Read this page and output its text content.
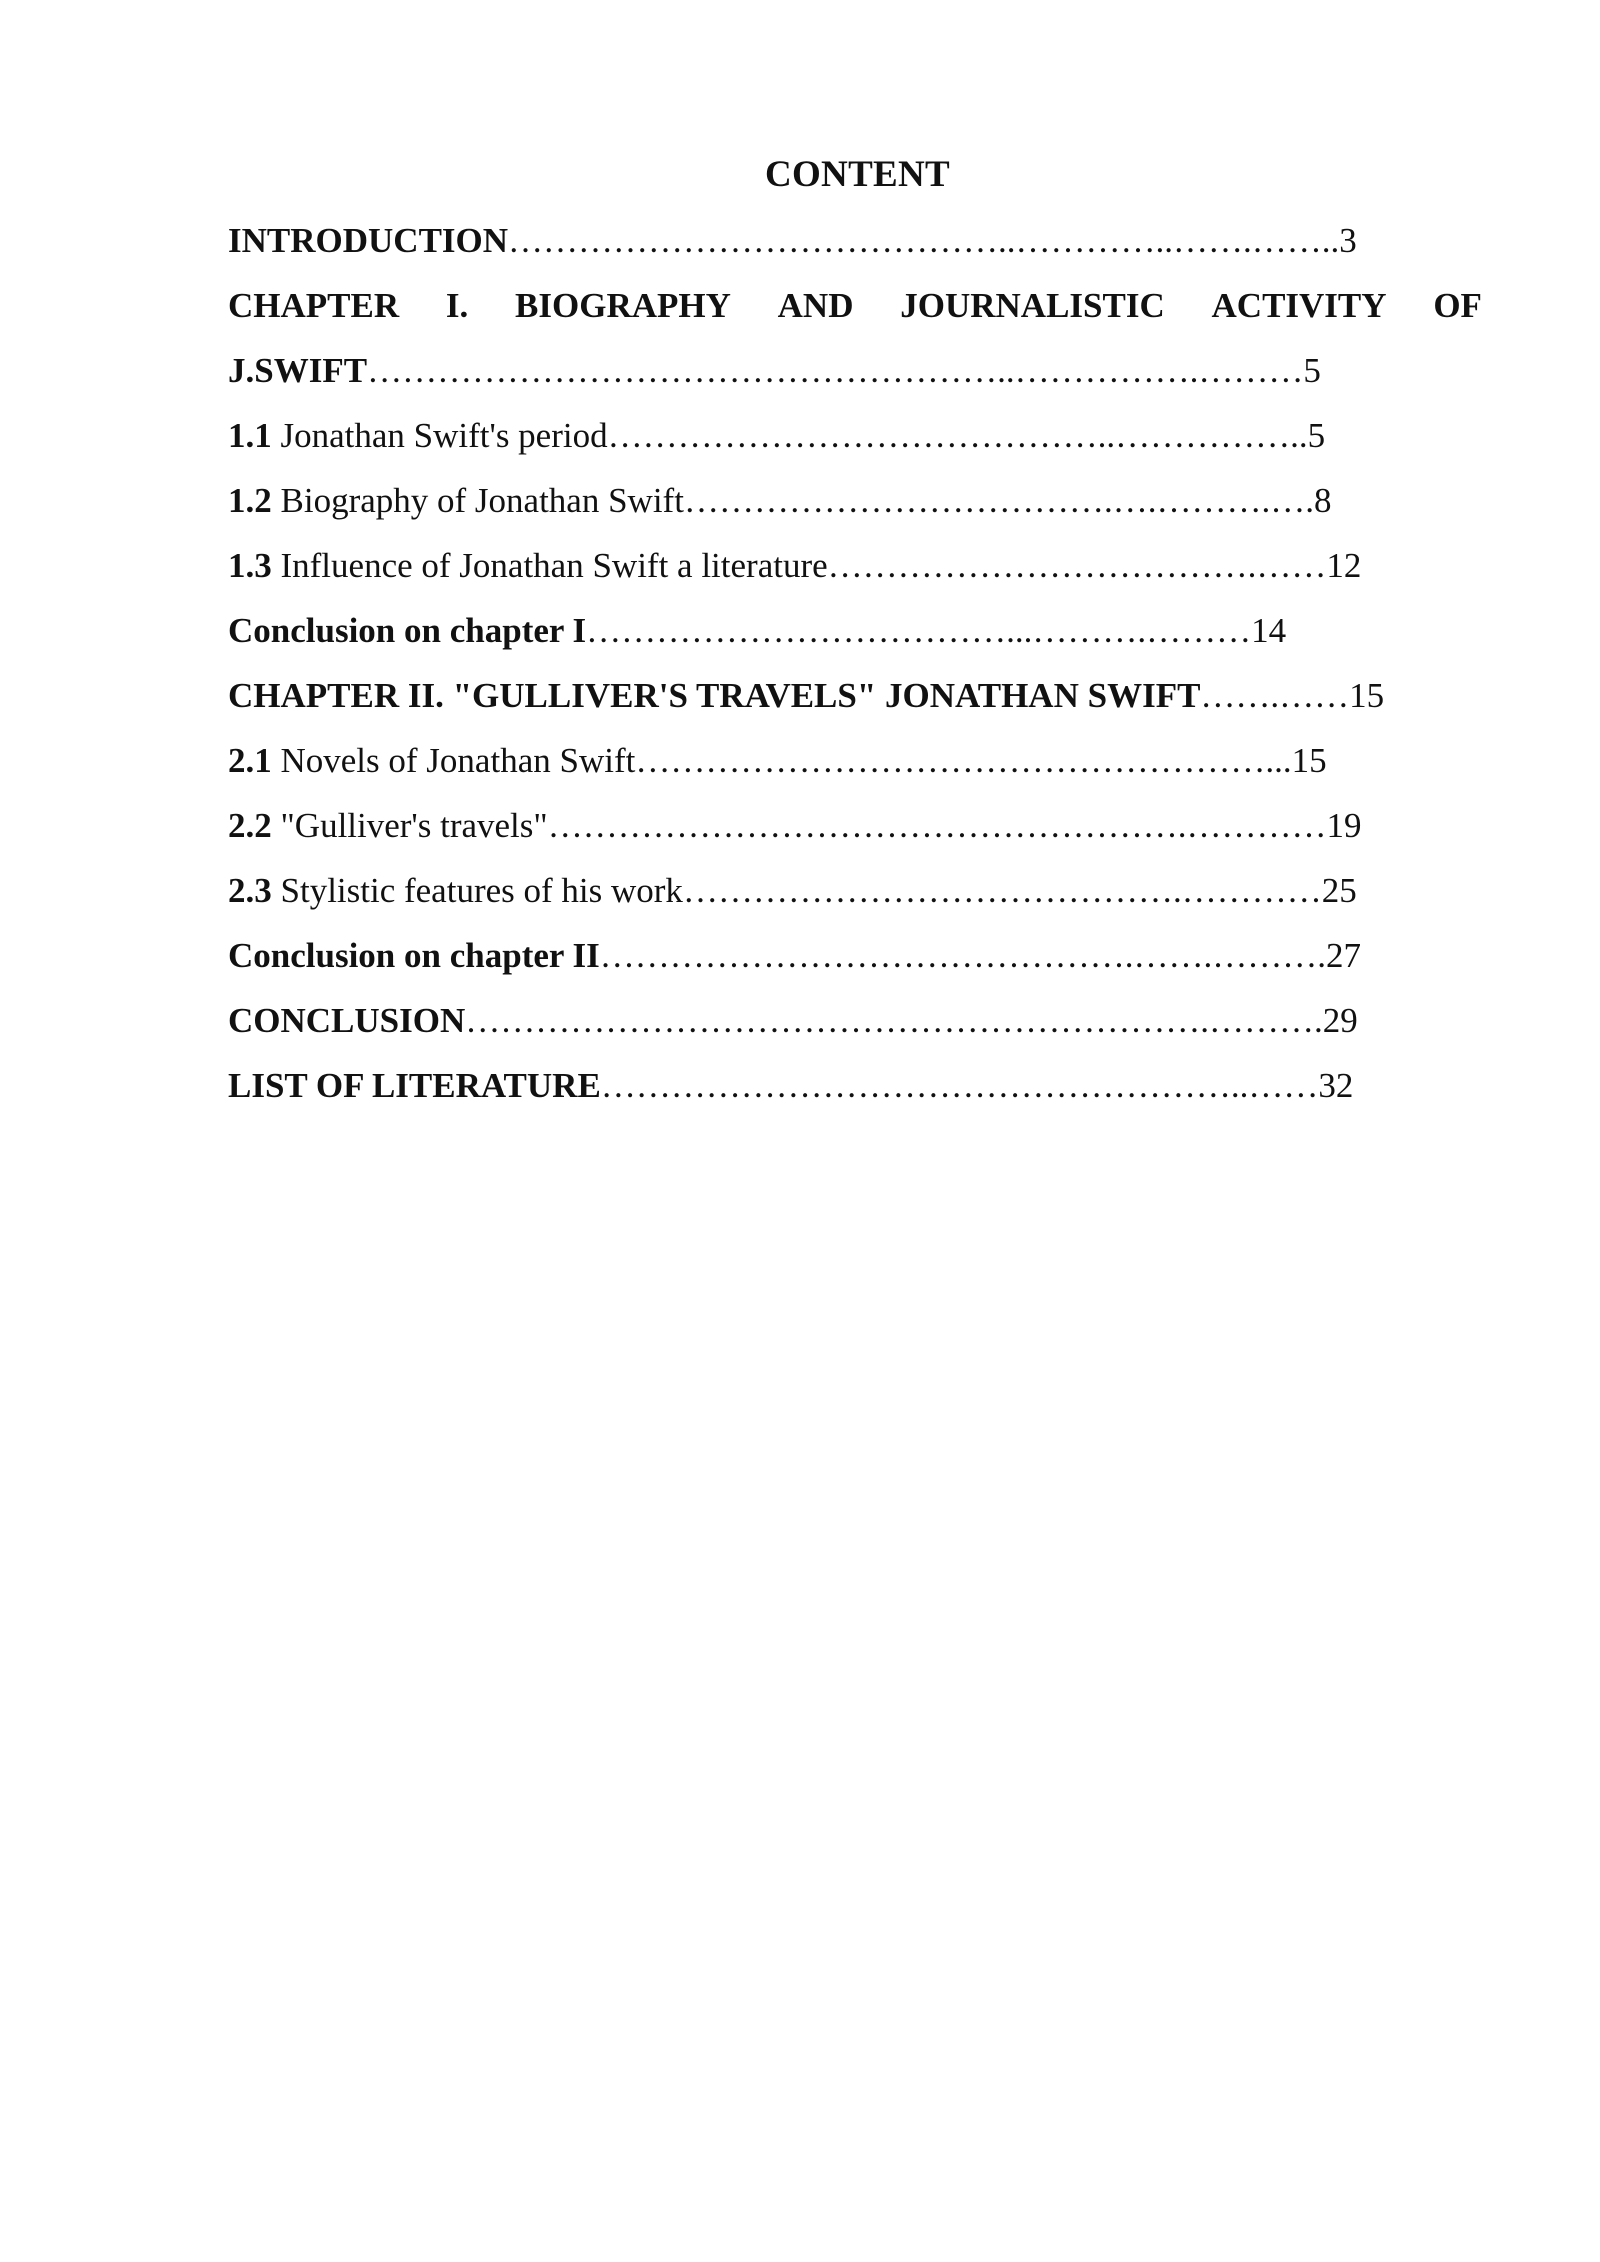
CONTENT
INTRODUCTION……………………………………..…………..…….……..3
CHAPTER I. BIOGRAPHY AND JOURNALISTIC ACTIVITY OF
J.SWIFT………………………………………………..…………….………5
1.1 Jonathan Swift's period……………………………………..……………..5
1.2 Biography of Jonathan Swift……………………………….….……….….8
1.3 Influence of Jonathan Swift a literature……………………………….……12
Conclusion on chapter I………………………………...……….………14
CHAPTER II. "GULLIVER'S TRAVELS" JONATHAN SWIFT…….……15
2.1 Novels of Jonathan Swift………………………………………………...15
2.2 "Gulliver's travels"……………………………………………….…………19
2.3 Stylistic features of his work…………………………………….…………25
Conclusion on chapter II……………………………………….…….……….27
CONCLUSION……………………………………………………….……….29
LIST OF LITERATURE………………………………………………..……32
